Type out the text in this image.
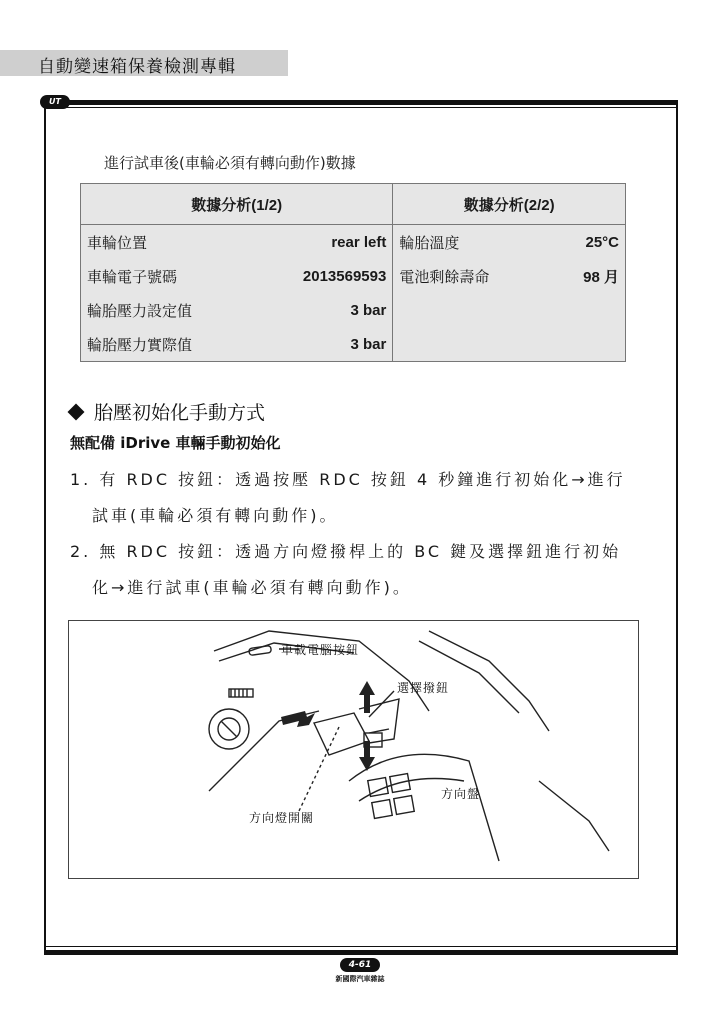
自動變速箱保養檢測專輯
UT
進行試車後(車輪必須有轉向動作)數據
數據分析(1/2)	數據分析(2/2)

車輪位置 rear left	輪胎溫度 25°C

車輪電子號碼 2013569593	電池剩餘壽命 98 月

輪胎壓力設定值 3 bar	

輪胎壓力實際值 3 bar	

胎壓初始化手動方式
無配備 iDrive 車輛手動初始化

1. 有 RDC 按鈕：透過按壓 RDC 按鈕 4 秒鐘進行初始化→進行

試車(車輪必須有轉向動作)。

2. 無 RDC 按鈕：透過方向燈撥桿上的 BC 鍵及選擇鈕進行初始

化→進行試車(車輪必須有轉向動作)。

車載電腦按鈕
選擇撥鈕
方向盤
方向燈開關
4-61
新國際汽車雜誌
